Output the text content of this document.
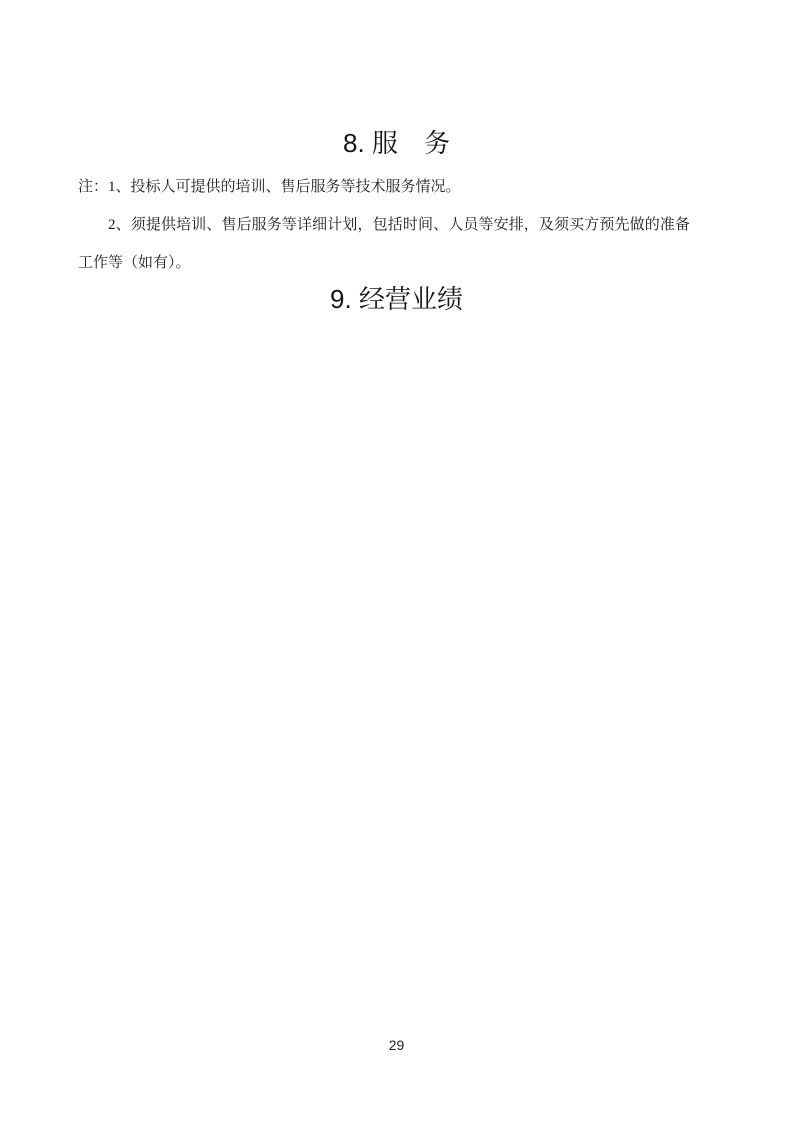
8. 服　务

注：1、投标人可提供的培训、售后服务等技术服务情况。

2、须提供培训、售后服务等详细计划，包括时间、人员等安排，及须买方预先做的准备工作等（如有）。

9. 经营业绩
29
